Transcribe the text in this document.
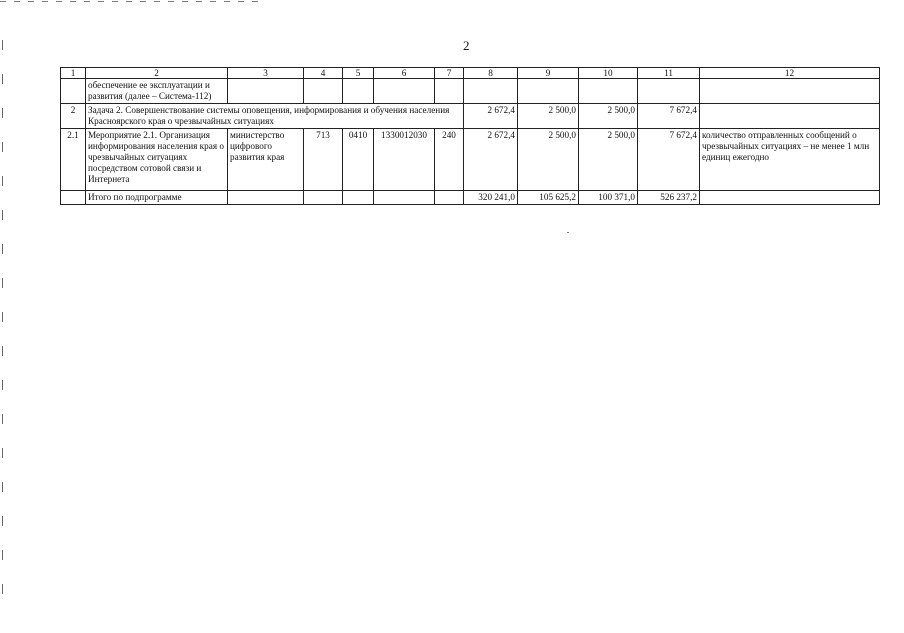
2
1	2	3	4	5	6	7	8	9	10	11	12
	обеспечение ее эксплуатации и развития (далее – Система-112)										
2	Задача 2. Совершенствование системы оповещения, информирования и обучения населения Красноярского края о чрезвычайных ситуациях						2 672,4	2 500,0	2 500,0	7 672,4	
2.1	Мероприятие 2.1. Организация информирования населения края о чрезвычайных ситуациях посредством сотовой связи и Интернета	министерство цифрового развития края	713	0410	1330012030	240	2 672,4	2 500,0	2 500,0	7 672,4	количество отправленных сообщений о чрезвычайных ситуациях – не менее 1 млн единиц ежегодно
	Итого по подпрограмме						320 241,0	105 625,2	100 371,0	526 237,2	
